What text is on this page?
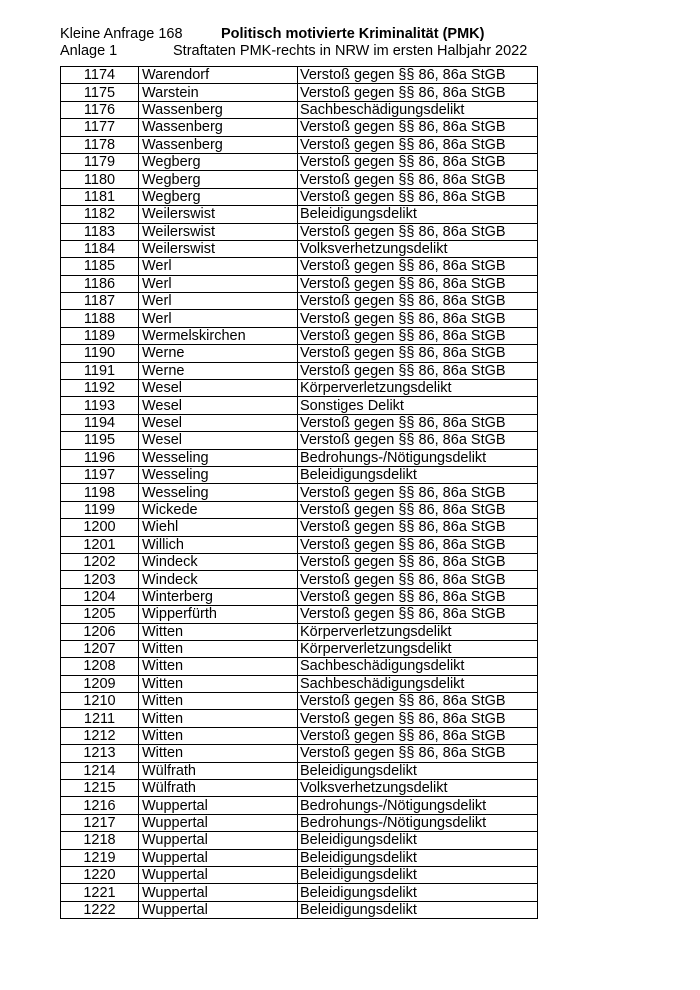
Kleine Anfrage 168	Politisch motivierte Kriminalität (PMK)
Anlage 1	Straftaten PMK-rechts in NRW im ersten Halbjahr 2022
1174	Warendorf	Verstoß gegen §§ 86, 86a StGB
1175	Warstein	Verstoß gegen §§ 86, 86a StGB
1176	Wassenberg	Sachbeschädigungsdelikt
1177	Wassenberg	Verstoß gegen §§ 86, 86a StGB
1178	Wassenberg	Verstoß gegen §§ 86, 86a StGB
1179	Wegberg	Verstoß gegen §§ 86, 86a StGB
1180	Wegberg	Verstoß gegen §§ 86, 86a StGB
1181	Wegberg	Verstoß gegen §§ 86, 86a StGB
1182	Weilerswist	Beleidigungsdelikt
1183	Weilerswist	Verstoß gegen §§ 86, 86a StGB
1184	Weilerswist	Volksverhetzungsdelikt
1185	Werl	Verstoß gegen §§ 86, 86a StGB
1186	Werl	Verstoß gegen §§ 86, 86a StGB
1187	Werl	Verstoß gegen §§ 86, 86a StGB
1188	Werl	Verstoß gegen §§ 86, 86a StGB
1189	Wermelskirchen	Verstoß gegen §§ 86, 86a StGB
1190	Werne	Verstoß gegen §§ 86, 86a StGB
1191	Werne	Verstoß gegen §§ 86, 86a StGB
1192	Wesel	Körperverletzungsdelikt
1193	Wesel	Sonstiges Delikt
1194	Wesel	Verstoß gegen §§ 86, 86a StGB
1195	Wesel	Verstoß gegen §§ 86, 86a StGB
1196	Wesseling	Bedrohungs-/Nötigungsdelikt
1197	Wesseling	Beleidigungsdelikt
1198	Wesseling	Verstoß gegen §§ 86, 86a StGB
1199	Wickede	Verstoß gegen §§ 86, 86a StGB
1200	Wiehl	Verstoß gegen §§ 86, 86a StGB
1201	Willich	Verstoß gegen §§ 86, 86a StGB
1202	Windeck	Verstoß gegen §§ 86, 86a StGB
1203	Windeck	Verstoß gegen §§ 86, 86a StGB
1204	Winterberg	Verstoß gegen §§ 86, 86a StGB
1205	Wipperfürth	Verstoß gegen §§ 86, 86a StGB
1206	Witten	Körperverletzungsdelikt
1207	Witten	Körperverletzungsdelikt
1208	Witten	Sachbeschädigungsdelikt
1209	Witten	Sachbeschädigungsdelikt
1210	Witten	Verstoß gegen §§ 86, 86a StGB
1211	Witten	Verstoß gegen §§ 86, 86a StGB
1212	Witten	Verstoß gegen §§ 86, 86a StGB
1213	Witten	Verstoß gegen §§ 86, 86a StGB
1214	Wülfrath	Beleidigungsdelikt
1215	Wülfrath	Volksverhetzungsdelikt
1216	Wuppertal	Bedrohungs-/Nötigungsdelikt
1217	Wuppertal	Bedrohungs-/Nötigungsdelikt
1218	Wuppertal	Beleidigungsdelikt
1219	Wuppertal	Beleidigungsdelikt
1220	Wuppertal	Beleidigungsdelikt
1221	Wuppertal	Beleidigungsdelikt
1222	Wuppertal	Beleidigungsdelikt
